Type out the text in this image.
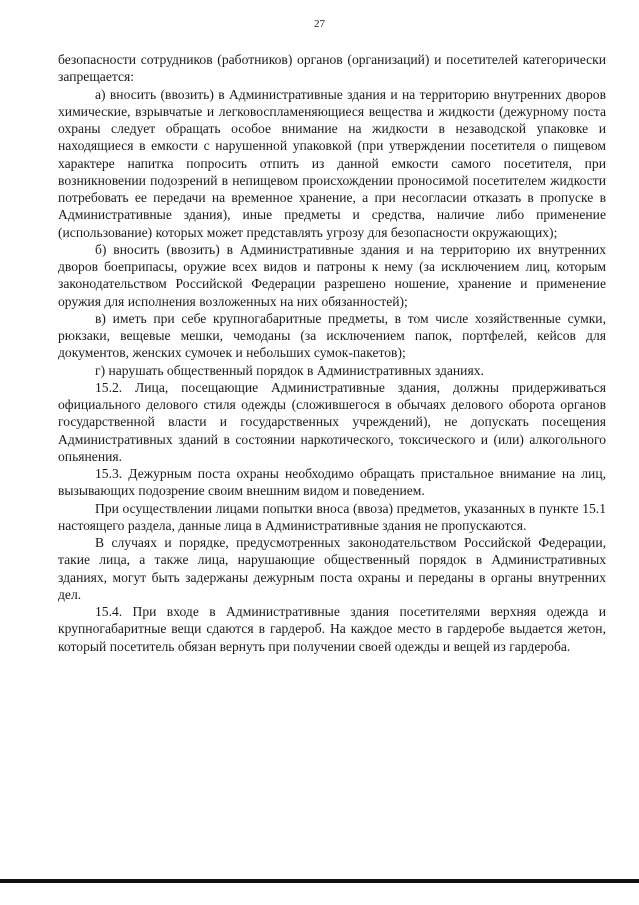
27

безопасности сотрудников (работников) органов (организаций) и посетителей категорически запрещается:

а) вносить (ввозить) в Административные здания и на территорию внутренних дворов химические, взрывчатые и легковоспламеняющиеся вещества и жидкости (дежурному поста охраны следует обращать особое внимание на жидкости в незаводской упаковке и находящиеся в емкости с нарушенной упаковкой (при утверждении посетителя о пищевом характере напитка попросить отпить из данной емкости самого посетителя, при возникновении подозрений в непищевом происхождении проносимой посетителем жидкости потребовать ее передачи на временное хранение, а при несогласии отказать в пропуске в Административные здания), иные предметы и средства, наличие либо применение (использование) которых может представлять угрозу для безопасности окружающих);

б) вносить (ввозить) в Административные здания и на территорию их внутренних дворов боеприпасы, оружие всех видов и патроны к нему (за исключением лиц, которым законодательством Российской Федерации разрешено ношение, хранение и применение оружия для исполнения возложенных на них обязанностей);

в) иметь при себе крупногабаритные предметы, в том числе хозяйственные сумки, рюкзаки, вещевые мешки, чемоданы (за исключением папок, портфелей, кейсов для документов, женских сумочек и небольших сумок-пакетов);

г) нарушать общественный порядок в Административных зданиях.

15.2. Лица, посещающие Административные здания, должны придерживаться официального делового стиля одежды (сложившегося в обычаях делового оборота органов государственной власти и государственных учреждений), не допускать посещения Административных зданий в состоянии наркотического, токсического и (или) алкогольного опьянения.

15.3. Дежурным поста охраны необходимо обращать пристальное внимание на лиц, вызывающих подозрение своим внешним видом и поведением.

При осуществлении лицами попытки вноса (ввоза) предметов, указанных в пункте 15.1 настоящего раздела, данные лица в Административные здания не пропускаются.

В случаях и порядке, предусмотренных законодательством Российской Федерации, такие лица, а также лица, нарушающие общественный порядок в Административных зданиях, могут быть задержаны дежурным поста охраны и переданы в органы внутренних дел.

15.4. При входе в Административные здания посетителями верхняя одежда и крупногабаритные вещи сдаются в гардероб. На каждое место в гардеробе выдается жетон, который посетитель обязан вернуть при получении своей одежды и вещей из гардероба.
